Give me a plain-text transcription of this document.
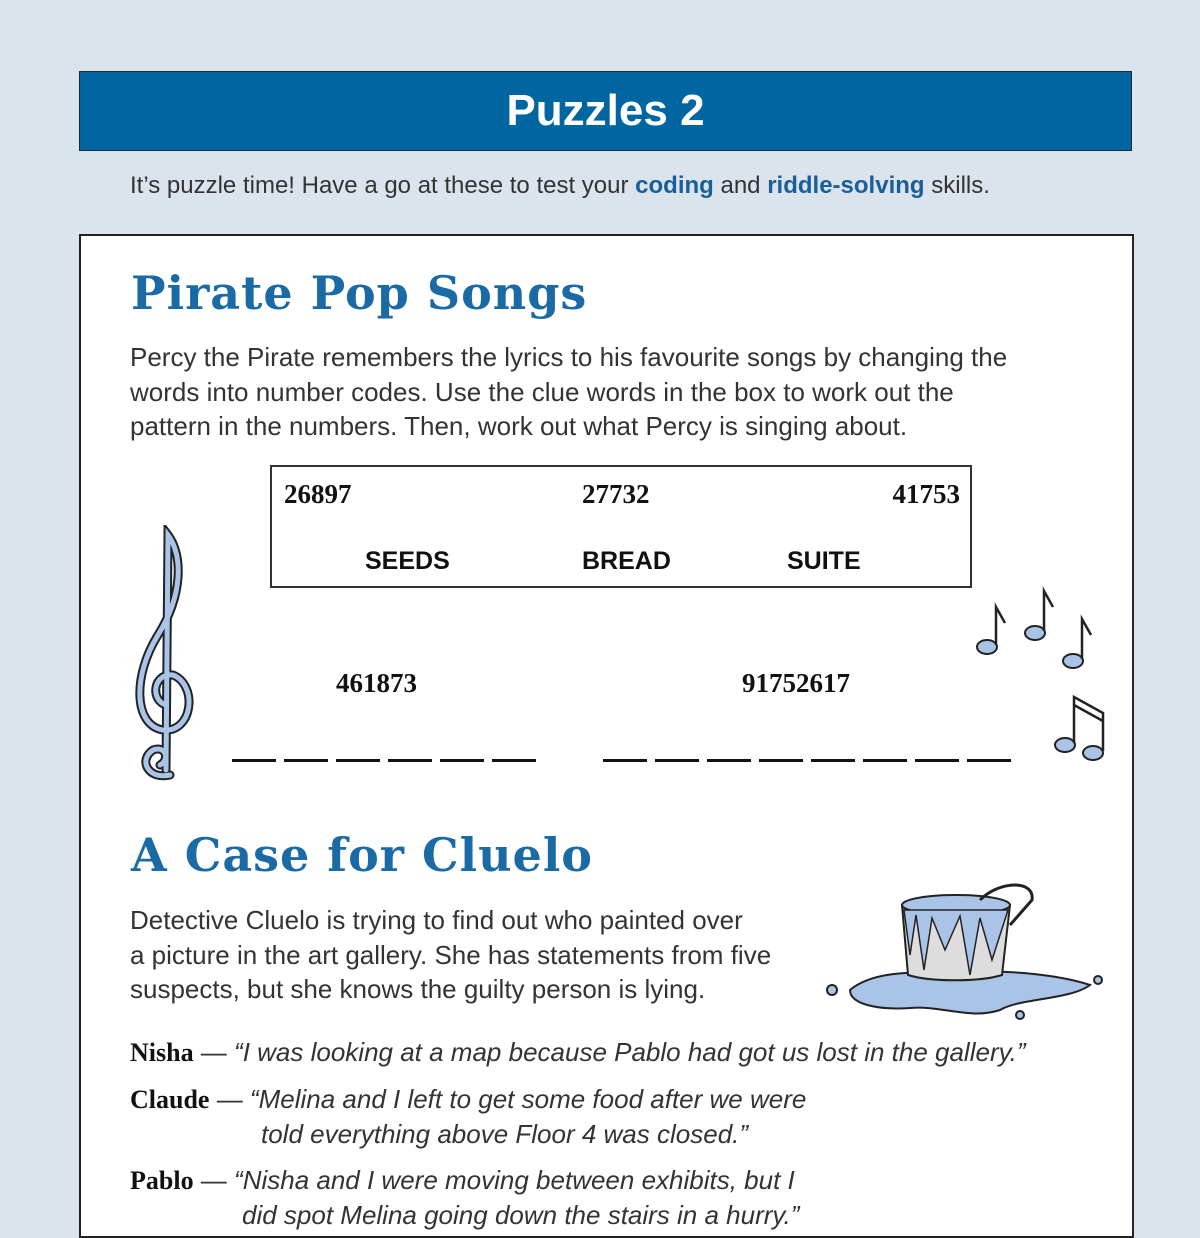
Puzzles 2
It’s puzzle time! Have a go at these to test your coding and riddle-solving skills.
Pirate Pop Songs
Percy the Pirate remembers the lyrics to his favourite songs by changing the
words into number codes. Use the clue words in the box to work out the
pattern in the numbers. Then, work out what Percy is singing about.
26897	27732	41753
SEEDS	BREAD	SUITE
461873	91752617
A Case for Cluelo
Detective Cluelo is trying to find out who painted over
a picture in the art gallery. She has statements from five
suspects, but she knows the guilty person is lying.
Nisha — “I was looking at a map because Pablo had got us lost in the gallery.”
Claude — “Melina and I left to get some food after we were
told everything above Floor 4 was closed.”
Pablo — “Nisha and I were moving between exhibits, but I
did spot Melina going down the stairs in a hurry.”
